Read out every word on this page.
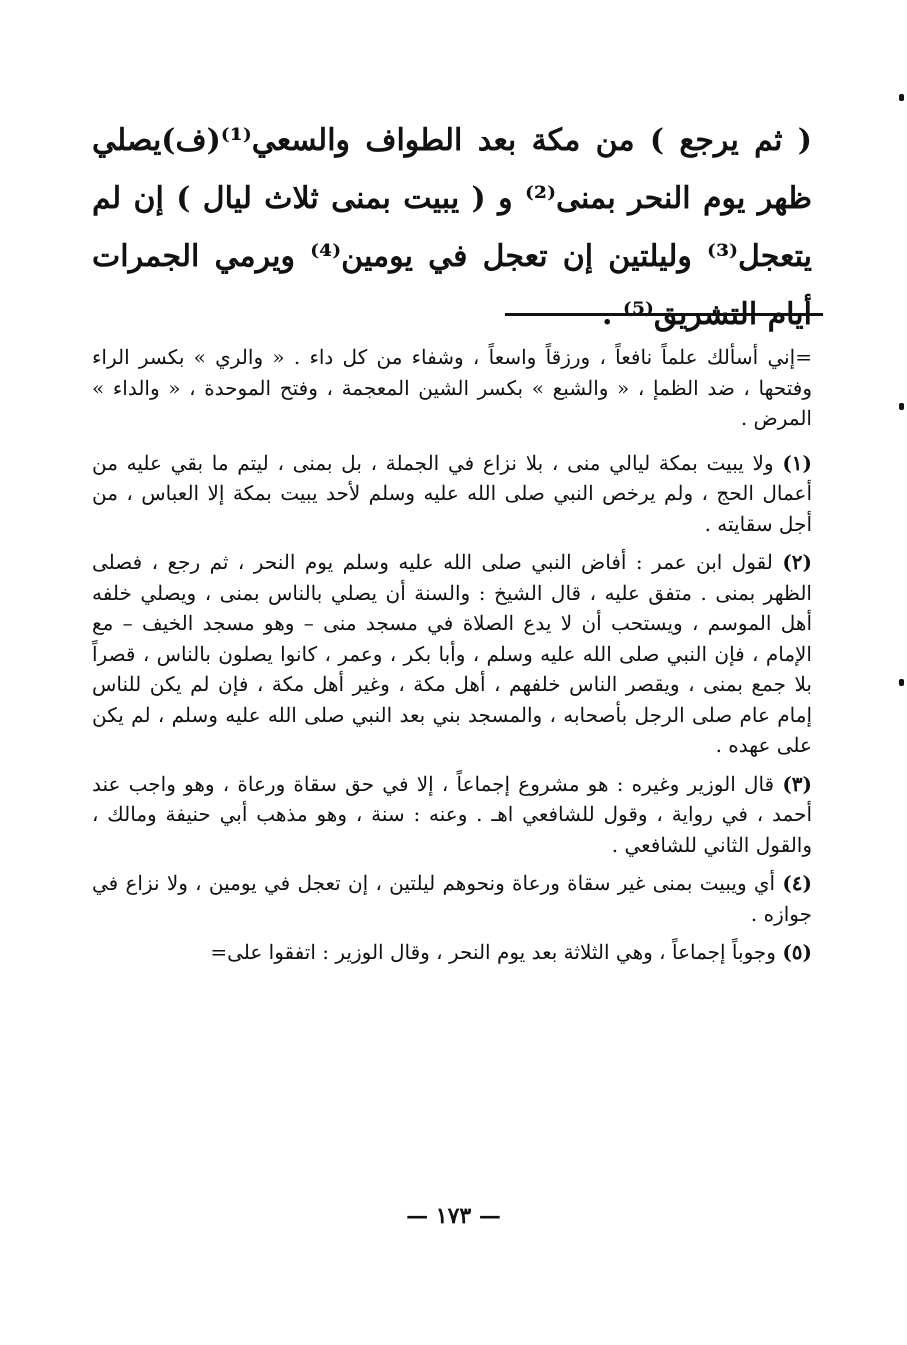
( ثم يرجع ) من مكة بعد الطواف والسعي⁽¹⁾(ف)يصلي ظهر يوم النحر بمنى⁽²⁾ و ( يبيت بمنى ثلاث ليال ) إن لم يتعجل⁽³⁾ وليلتين إن تعجل في يومين⁽⁴⁾ ويرمي الجمرات أيام التشريق⁽⁵⁾ .

=إني أسألك علماً نافعاً ، ورزقاً واسعاً ، وشفاء من كل داء . « والري » بكسر الراء وفتحها ، ضد الظمإ ، « والشبع » بكسر الشين المعجمة ، وفتح الموحدة ، « والداء » المرض .

(١) ولا يبيت بمكة ليالي منى ، بلا نزاع في الجملة ، بل بمنى ، ليتم ما بقي عليه من أعمال الحج ، ولم يرخص النبي صلى الله عليه وسلم لأحد يبيت بمكة إلا العباس ، من أجل سقايته .

(٢) لقول ابن عمر : أفاض النبي صلى الله عليه وسلم يوم النحر ، ثم رجع ، فصلى الظهر بمنى . متفق عليه ، قال الشيخ : والسنة أن يصلي بالناس بمنى ، ويصلي خلفه أهل الموسم ، ويستحب أن لا يدع الصلاة في مسجد منى – وهو مسجد الخيف – مع الإمام ، فإن النبي صلى الله عليه وسلم ، وأبا بكر ، وعمر ، كانوا يصلون بالناس ، قصراً بلا جمع بمنى ، ويقصر الناس خلفهم ، أهل مكة ، وغير أهل مكة ، فإن لم يكن للناس إمام عام صلى الرجل بأصحابه ، والمسجد بني بعد النبي صلى الله عليه وسلم ، لم يكن على عهده .

(٣) قال الوزير وغيره : هو مشروع إجماعاً ، إلا في حق سقاة ورعاة ، وهو واجب عند أحمد ، في رواية ، وقول للشافعي اهـ . وعنه : سنة ، وهو مذهب أبي حنيفة ومالك ، والقول الثاني للشافعي .

(٤) أي ويبيت بمنى غير سقاة ورعاة ونحوهم ليلتين ، إن تعجل في يومين ، ولا نزاع في جوازه .

(٥) وجوباً إجماعاً ، وهي الثلاثة بعد يوم النحر ، وقال الوزير : اتفقوا على=

— ١٧٣ —
